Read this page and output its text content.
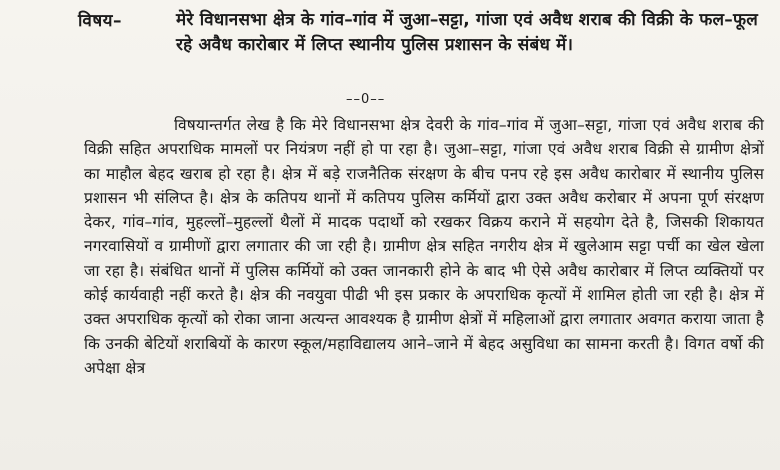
विषय–	मेरे विधानसभा क्षेत्र के गांव–गांव में जुआ–सट्टा, गांजा एवं अवैध शराब की विक्री के फल–फूल रहे अवैध कारोबार में लिप्त स्थानीय पुलिस प्रशासन के संबंध में।
––0––
विषयान्तर्गत लेख है कि मेरे विधानसभा क्षेत्र देवरी के गांव–गांव में जुआ–सट्टा, गांजा एवं अवैध शराब की विक्री सहित अपराधिक मामलों पर नियंत्रण नहीं हो पा रहा है। जुआ–सट्टा, गांजा एवं अवैध शराब विक्री से ग्रामीण क्षेत्रों का माहौल बेहद खराब हो रहा है। क्षेत्र में बड़े राजनैतिक संरक्षण के बीच पनप रहे इस अवैध कारोबार में स्थानीय पुलिस प्रशासन भी संलिप्त है। क्षेत्र के कतिपय थानों में कतिपय पुलिस कर्मियों द्वारा उक्त अवैध करोबार में अपना पूर्ण संरक्षण देकर, गांव–गांव, मुहल्लों–मुहल्लों थैलों में मादक पदार्थो को रखकर विक्रय कराने में सहयोग देते है, जिसकी शिकायत नगरवासियों व ग्रामीणों द्वारा लगातार की जा रही है। ग्रामीण क्षेत्र सहित नगरीय क्षेत्र में खुलेआम सट्टा पर्ची का खेल खेला जा रहा है। संबंधित थानों में पुलिस कर्मियों को उक्त जानकारी होने के बाद भी ऐसे अवैध कारोबार में लिप्त व्यक्तियों पर कोई कार्यवाही नहीं करते है। क्षेत्र की नवयुवा पीढी भी इस प्रकार के अपराधिक कृत्यों में शामिल होती जा रही है। क्षेत्र में उक्त अपराधिक कृत्यों को रोका जाना अत्यन्त आवश्यक है ग्रामीण क्षेत्रों में महिलाओं द्वारा लगातार अवगत कराया जाता है कि उनकी बेटियों शराबियों के कारण स्कूल/महाविद्यालय आने–जाने में बेहद असुविधा का सामना करती है। विगत वर्षो की अपेक्षा क्षेत्र
